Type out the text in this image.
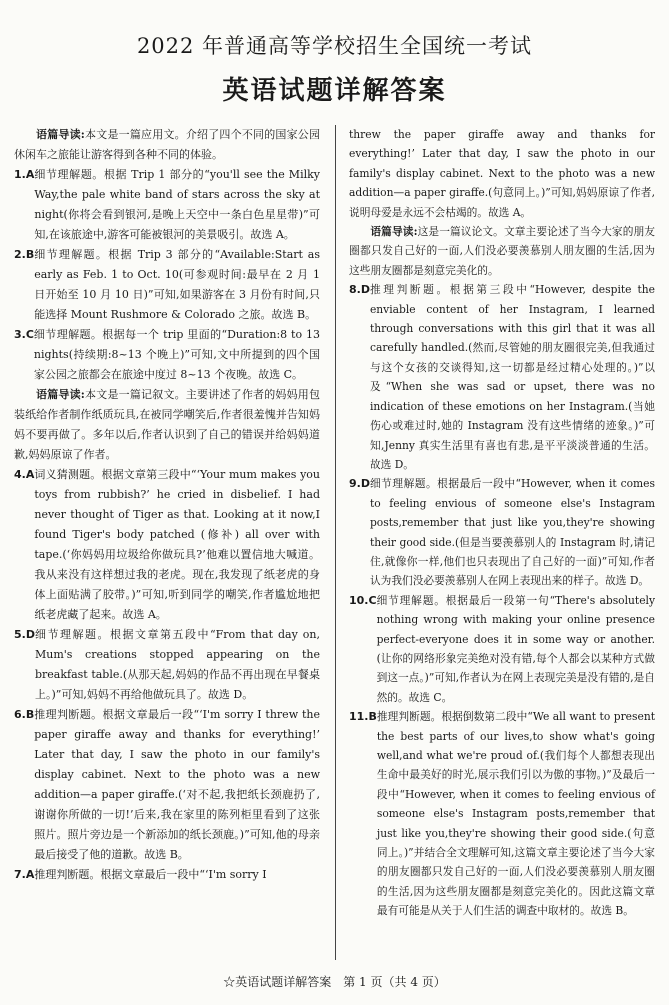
2022 年普通高等学校招生全国统一考试
英语试题详解答案

语篇导读:本文是一篇应用文。介绍了四个不同的国家公园休闲车之旅能让游客得到各种不同的体验。

1.A 细节理解题。根据 Trip 1 部分的“you'll see the Milky Way,the pale white band of stars across the sky at night(你将会看到银河,是晚上天空中一条白色星星带)”可知,在该旅途中,游客可能被银河的美景吸引。故选 A。
2.B 细节理解题。根据 Trip 3 部分的“Available:Start as early as Feb. 1 to Oct. 10(可参观时间:最早在 2 月 1 日开始至 10 月 10 日)”可知,如果游客在 3 月份有时间,只能选择 Mount Rushmore & Colorado 之旅。故选 B。
3.C 细节理解题。根据每一个 trip 里面的“Duration:8 to 13 nights(持续期:8~13 个晚上)”可知,文中所提到的四个国家公园之旅都会在旅途中度过 8~13 个夜晚。故选 C。

语篇导读:本文是一篇记叙文。主要讲述了作者的妈妈用包装纸给作者制作纸质玩具,在被同学嘲笑后,作者很羞愧并告知妈妈不要再做了。多年以后,作者认识到了自己的错误并给妈妈道歉,妈妈原谅了作者。

4.A 词义猜测题。根据文章第三段中“‘Your mum makes you toys from rubbish?’ he cried in disbelief. I had never thought of Tiger as that. Looking at it now,I found Tiger's body patched (修补) all over with tape.(‘你妈妈用垃圾给你做玩具?’他难以置信地大喊道。我从来没有这样想过我的老虎。现在,我发现了纸老虎的身体上面贴满了胶带。)”可知,听到同学的嘲笑,作者尴尬地把纸老虎藏了起来。故选 A。
5.D 细节理解题。根据文章第五段中“From that day on, Mum's creations stopped appearing on the breakfast table.(从那天起,妈妈的作品不再出现在早餐桌上。)”可知,妈妈不再给他做玩具了。故选 D。
6.B 推理判断题。根据文章最后一段“‘I'm sorry I threw the paper giraffe away and thanks for everything!’ Later that day, I saw the photo in our family's display cabinet. Next to the photo was a new addition—a paper giraffe.(‘对不起,我把纸长颈鹿扔了,谢谢你所做的一切!’后来,我在家里的陈列柜里看到了这张照片。照片旁边是一个新添加的纸长颈鹿。)”可知,他的母亲最后接受了他的道歉。故选 B。
7.A 推理判断题。根据文章最后一段中“‘I'm sorry I

threw the paper giraffe away and thanks for everything!’ Later that day, I saw the photo in our family's display cabinet. Next to the photo was a new addition—a paper giraffe.(句意同上。)”可知,妈妈原谅了作者,说明母爱是永远不会枯竭的。故选 A。

语篇导读:这是一篇议论文。文章主要论述了当今大家的朋友圈都只发自己好的一面,人们没必要羡慕别人朋友圈的生活,因为这些朋友圈都是刻意完美化的。

8.D 推理判断题。根据第三段中“However, despite the enviable content of her Instagram, I learned through conversations with this girl that it was all carefully handled.(然而,尽管她的朋友圈很完美,但我通过与这个女孩的交谈得知,这一切都是经过精心处理的。)”以及“When she was sad or upset, there was no indication of these emotions on her Instagram.(当她伤心或难过时,她的 Instagram 没有这些情绪的迹象。)”可知,Jenny 真实生活里有喜也有悲,是平平淡淡普通的生活。故选 D。
9.D 细节理解题。根据最后一段中“However, when it comes to feeling envious of someone else's Instagram posts,remember that just like you,they're showing their good side.(但是当要羡慕别人的 Instagram 时,请记住,就像你一样,他们也只表现出了自己好的一面)”可知,作者认为我们没必要羡慕别人在网上表现出来的样子。故选 D。
10.C 细节理解题。根据最后一段第一句“There's absolutely nothing wrong with making your online presence perfect-everyone does it in some way or another.(让你的网络形象完美绝对没有错,每个人都会以某种方式做到这一点。)”可知,作者认为在网上表现完美是没有错的,是自然的。故选 C。
11.B 推理判断题。根据倒数第二段中“We all want to present the best parts of our lives,to show what's going well,and what we're proud of.(我们每个人都想表现出生命中最美好的时光,展示我们引以为傲的事物。)”及最后一段中“However, when it comes to feeling envious of someone else's Instagram posts,remember that just like you,they're showing their good side.(句意同上。)”并结合全文理解可知,这篇文章主要论述了当今大家的朋友圈都只发自己好的一面,人们没必要羡慕别人朋友圈的生活,因为这些朋友圈都是刻意完美化的。因此这篇文章最有可能是从关于人们生活的调查中取材的。故选 B。
☆英语试题详解答案　第 1 页（共 4 页）
